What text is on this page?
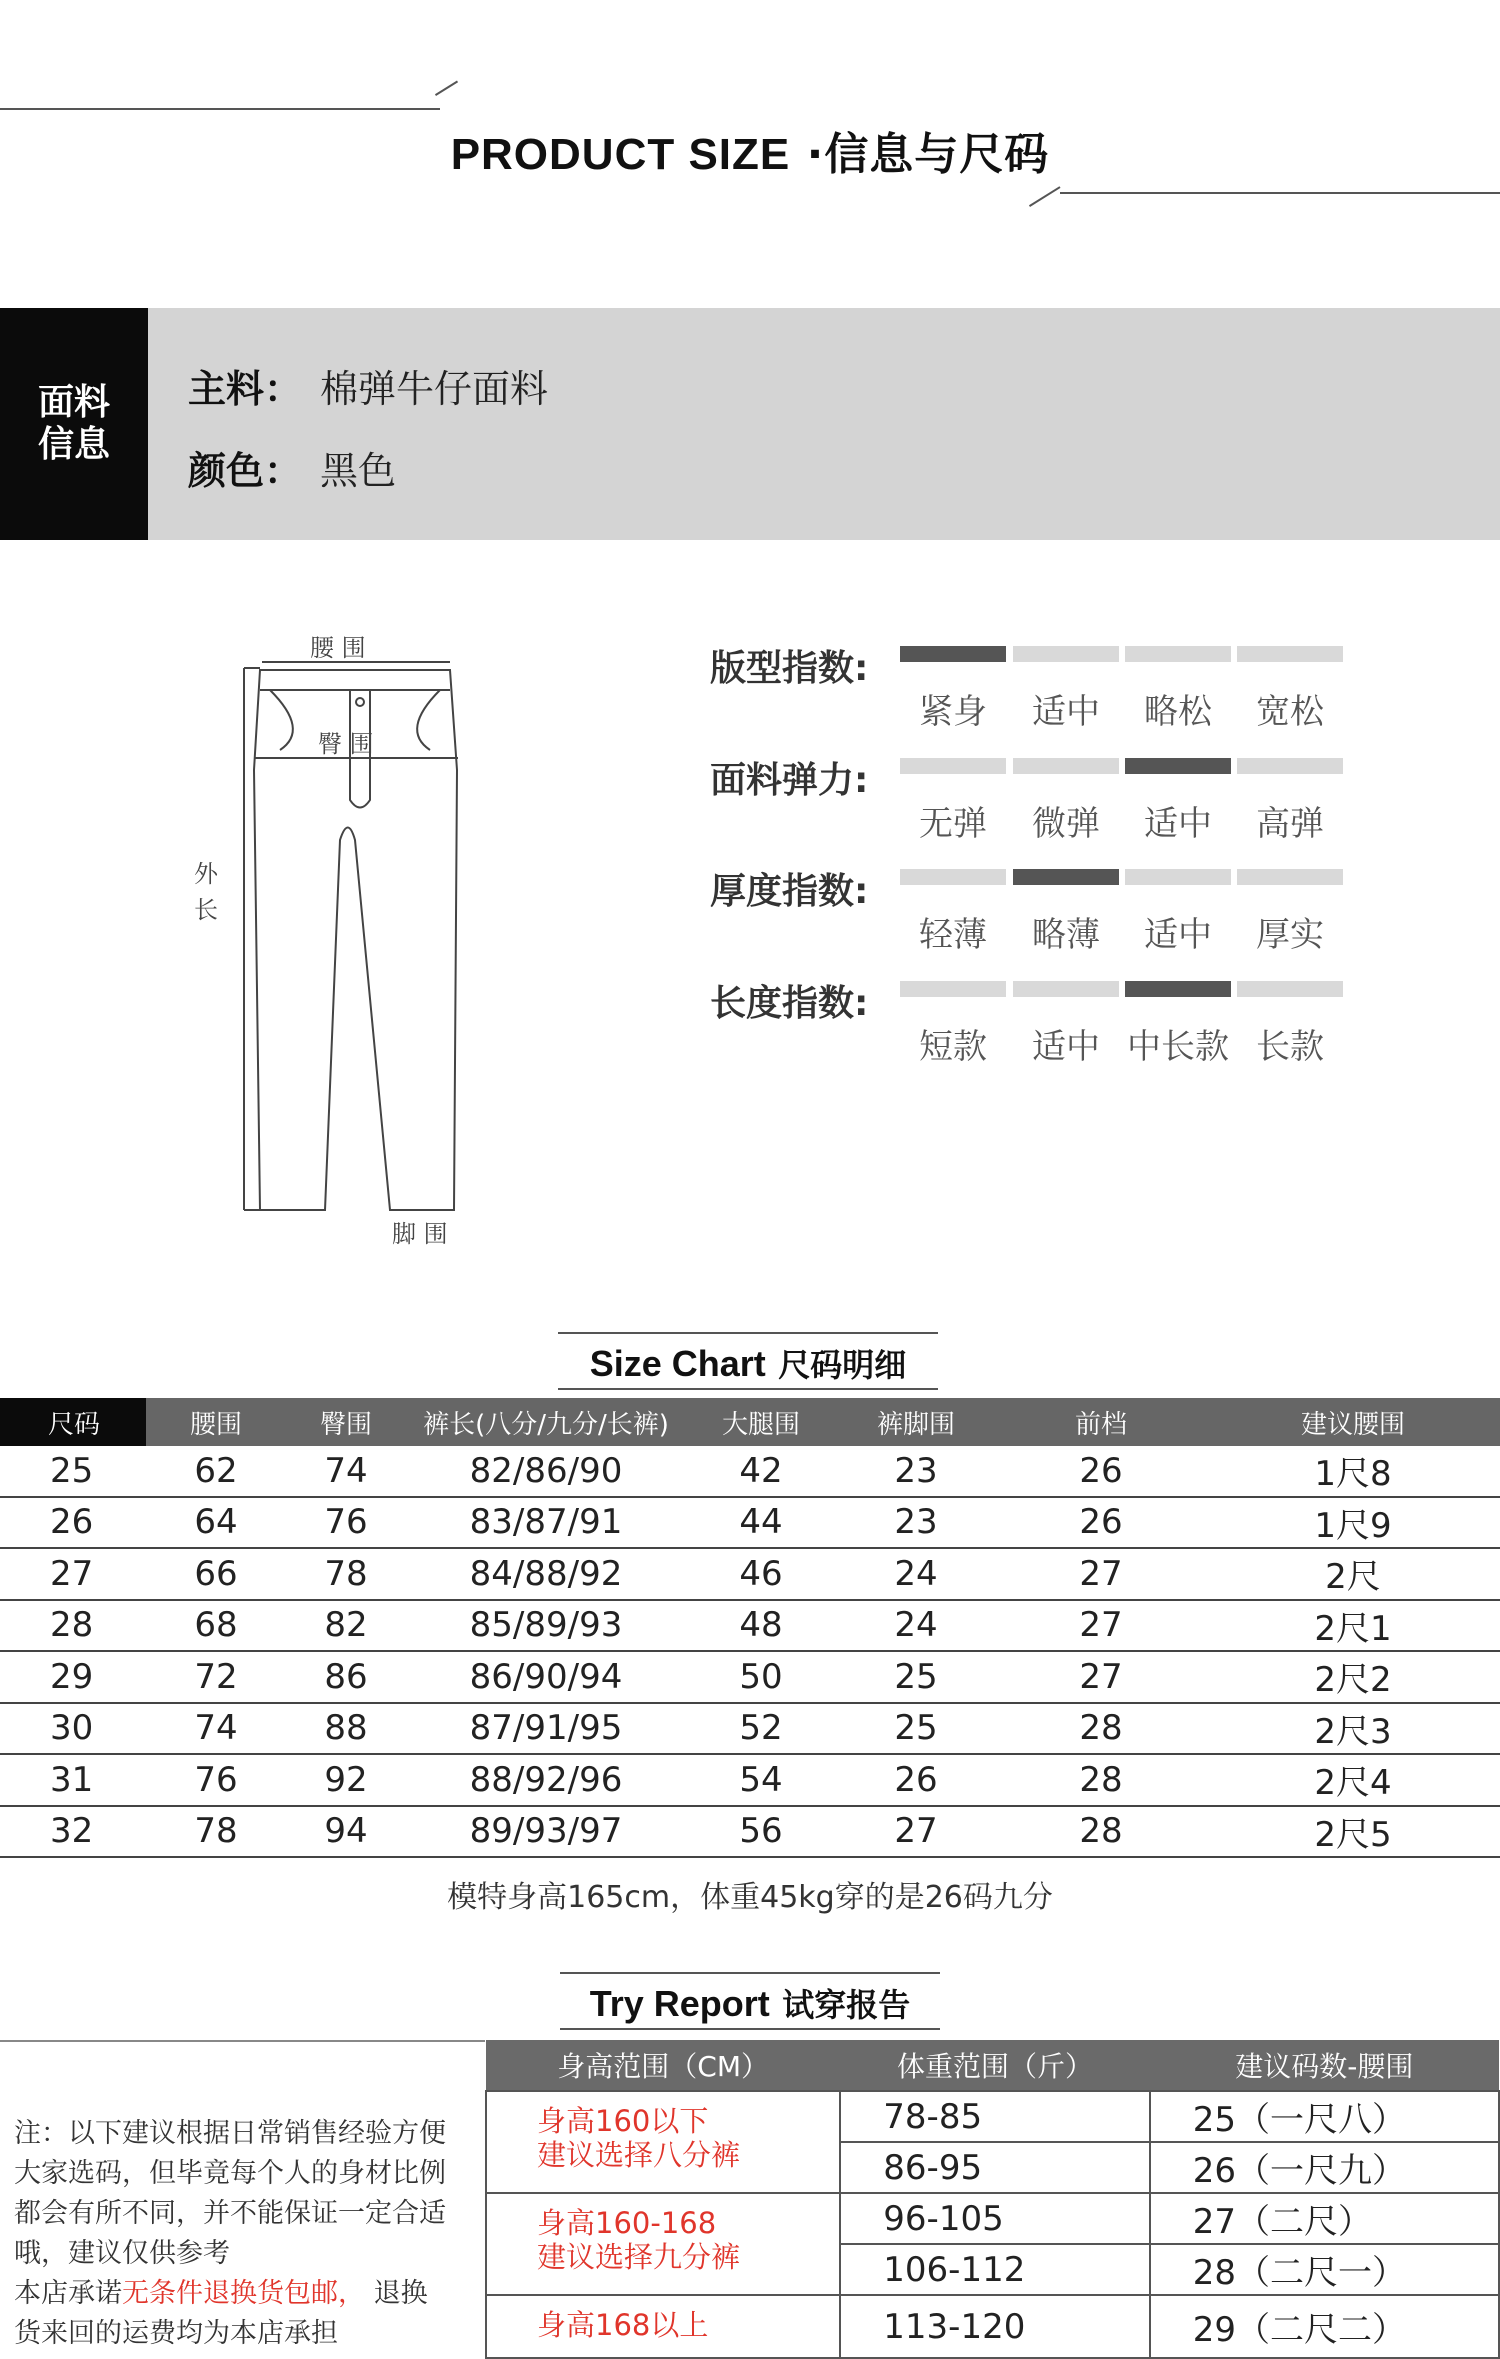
PRODUCT SIZE ·信息与尺码
面料
信息
主料： 棉弹牛仔面料
颜色： 黑色
腰 围
臀 围
外
长
脚 围
版型指数:
紧身	适中	略松	宽松
面料弹力:
无弹	微弹	适中	高弹
厚度指数:
轻薄	略薄	适中	厚实
长度指数:
短款	适中 中长款 长款
Size Chart 尺码明细
尺码	腰围	臀围	裤长(八分/九分/长裤)	大腿围	裤脚围	前档	建议腰围
25	62	74	82/86/90	42	23	26	1尺8
26	64	76	83/87/91	44	23	26	1尺9
27	66	78	84/88/92	46	24	27	2尺
28	68	82	85/89/93	48	24	27	2尺1
29	72	86	86/90/94	50	25	27	2尺2
30	74	88	87/91/95	52	25	28	2尺3
31	76	92	88/92/96	54	26	28	2尺4
32	78	94	89/93/97	56	27	28	2尺5
模特身高165cm，体重45kg穿的是26码九分
Try Report 试穿报告
注：以下建议根据日常销售经验方便大家选码，但毕竟每个人的身材比例都会有所不同，并不能保证一定合适哦，建议仅供参考
本店承诺无条件退换货包邮， 退换货来回的运费均为本店承担
身高范围（CM）	体重范围（斤）	建议码数-腰围
身高160以下
建议选择八分裤	78-85	25（一尺八）
	86-95	26（一尺九）
身高160-168
建议选择九分裤	96-105	27（二尺）
	106-112	28（二尺一）
身高168以上	113-120	29（二尺二）
